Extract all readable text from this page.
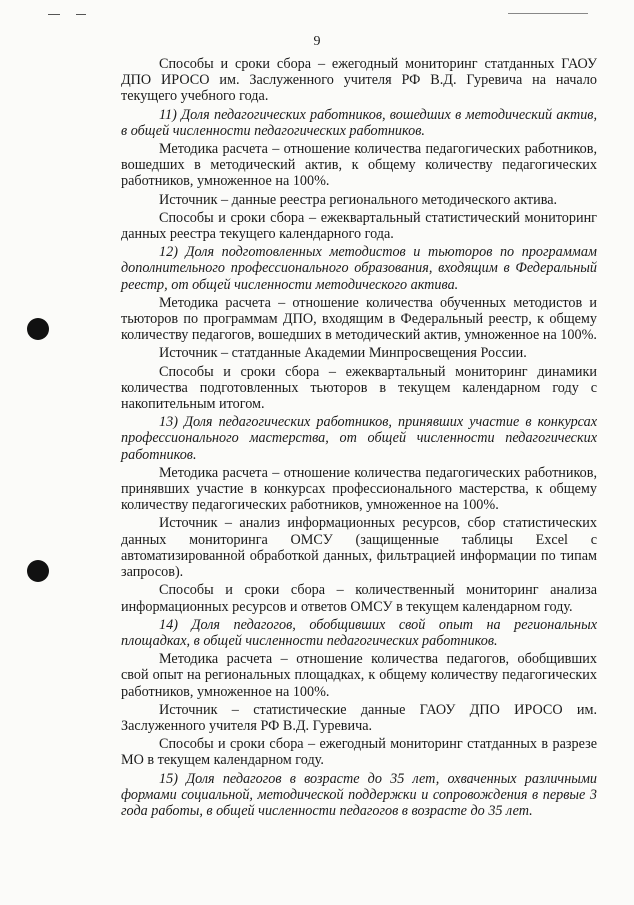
9

Способы и сроки сбора – ежегодный мониторинг статданных ГАОУ ДПО ИРОСО им. Заслуженного учителя РФ В.Д. Гуревича на начало текущего учебного года.

11) Доля педагогических работников, вошедших в методический актив, в общей численности педагогических работников.

Методика расчета – отношение количества педагогических работников, вошедших в методический актив, к общему количеству педагогических работников, умноженное на 100%.

Источник – данные реестра регионального методического актива.

Способы и сроки сбора – ежеквартальный статистический мониторинг данных реестра текущего календарного года.

12) Доля подготовленных методистов и тьюторов по программам дополнительного профессионального образования, входящим в Федеральный реестр, от общей численности методического актива.

Методика расчета – отношение количества обученных методистов и тьюторов по программам ДПО, входящим в Федеральный реестр, к общему количеству педагогов, вошедших в методический актив, умноженное на 100%.

Источник – статданные Академии Минпросвещения России.

Способы и сроки сбора – ежеквартальный мониторинг динамики количества подготовленных тьюторов в текущем календарном году с накопительным итогом.

13) Доля педагогических работников, принявших участие в конкурсах профессионального мастерства, от общей численности педагогических работников.

Методика расчета – отношение количества педагогических работников, принявших участие в конкурсах профессионального мастерства, к общему количеству педагогических работников, умноженное на 100%.

Источник – анализ информационных ресурсов, сбор статистических данных мониторинга ОМСУ (защищенные таблицы Excel с автоматизированной обработкой данных, фильтрацией информации по типам запросов).

Способы и сроки сбора – количественный мониторинг анализа информационных ресурсов и ответов ОМСУ в текущем календарном году.

14) Доля педагогов, обобщивших свой опыт на региональных площадках, в общей численности педагогических работников.

Методика расчета – отношение количества педагогов, обобщивших свой опыт на региональных площадках, к общему количеству педагогических работников, умноженное на 100%.

Источник – статистические данные ГАОУ ДПО ИРОСО им. Заслуженного учителя РФ В.Д. Гуревича.

Способы и сроки сбора – ежегодный мониторинг статданных в разрезе МО в текущем календарном году.

15) Доля педагогов в возрасте до 35 лет, охваченных различными формами социальной, методической поддержки и сопровождения в первые 3 года работы, в общей численности педагогов в возрасте до 35 лет.
